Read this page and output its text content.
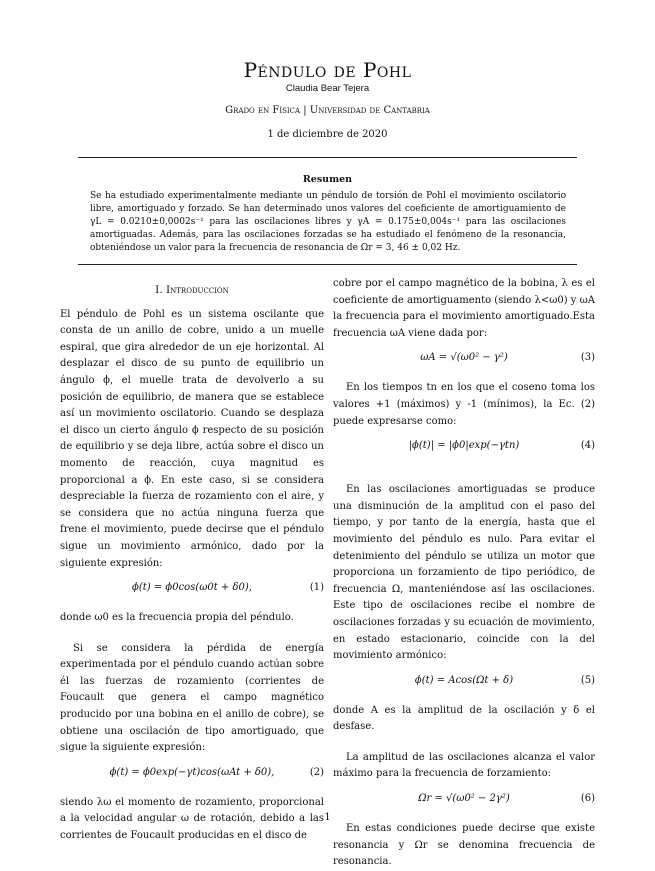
Péndulo de Pohl
Claudia Bear Tejera
Grado en Física | Universidad de Cantabria
1 de diciembre de 2020
Resumen
Se ha estudiado experimentalmente mediante un péndulo de torsión de Pohl el movimiento oscilatorio libre, amortiguado y forzado. Se han determinado unos valores del coeficiente de amortiguamiento de γL = 0.0210±0,0002s⁻¹ para las oscilaciones libres y γA = 0.175±0,004s⁻¹ para las oscilaciones amortiguadas. Además, para las oscilaciones forzadas se ha estudiado el fenómeno de la resonancia, obteniéndose un valor para la frecuencia de resonancia de Ωr = 3, 46 ± 0,02 Hz.
I. Introducción

El péndulo de Pohl es un sistema oscilante que consta de un anillo de cobre, unido a un muelle espiral, que gira alrededor de un eje horizontal. Al desplazar el disco de su punto de equilibrio un ángulo ϕ, el muelle trata de devolverlo a su posición de equilibrio, de manera que se establece así un movimiento oscilatorio. Cuando se desplaza el disco un cierto ángulo ϕ respecto de su posición de equilibrio y se deja libre, actúa sobre el disco un momento de reacción, cuya magnitud es proporcional a ϕ. En este caso, si se considera despreciable la fuerza de rozamiento con el aire, y se considera que no actúa ninguna fuerza que frene el movimiento, puede decirse que el péndulo sigue un movimiento armónico, dado por la siguiente expresión:

ϕ(t) = ϕ0cos(ω0t + δ0),	(1)

donde ω0 es la frecuencia propia del péndulo.

Si se considera la pérdida de energía experimentada por el péndulo cuando actúan sobre él las fuerzas de rozamiento (corrientes de Foucault que genera el campo magnético producido por una bobina en el anillo de cobre), se obtiene una oscilación de tipo amortiguado, que sigue la siguiente expresión:

ϕ(t) = ϕ0exp(−γt)cos(ωAt + δ0),	(2)

siendo λω el momento de rozamiento, proporcional a la velocidad angular ω de rotación, debido a las corrientes de Foucault producidas en el disco de

cobre por el campo magnético de la bobina, λ es el coeficiente de amortiguamento (siendo λ<ω0) y ωA la frecuencia para el movimiento amortiguado.Esta frecuencia ωA viene dada por:

ωA = √(ω0² − γ²)	(3)

En los tiempos tn en los que el coseno toma los valores +1 (máximos) y -1 (mínimos), la Ec. (2) puede expresarse como:

|ϕ(t)| = |ϕ0|exp(−γtn)	(4)

En las oscilaciones amortiguadas se produce una disminución de la amplitud con el paso del tiempo, y por tanto de la energía, hasta que el movimiento del péndulo es nulo. Para evitar el detenimiento del péndulo se utiliza un motor que proporciona un forzamiento de tipo periódico, de frecuencia Ω, manteniéndose así las oscilaciones. Este tipo de oscilaciones recibe el nombre de oscilaciones forzadas y su ecuación de movimiento, en estado estacionario, coincide con la del movimiento armónico:

ϕ(t) = Acos(Ωt + δ)	(5)

donde A es la amplitud de la oscilación y δ el desfase.

La amplitud de las oscilaciones alcanza el valor máximo para la frecuencia de forzamiento:

Ωr = √(ω0² − 2γ²)	(6)

En estas condiciones puede decirse que existe resonancia y Ωr se denomina frecuencia de resonancia.

1
